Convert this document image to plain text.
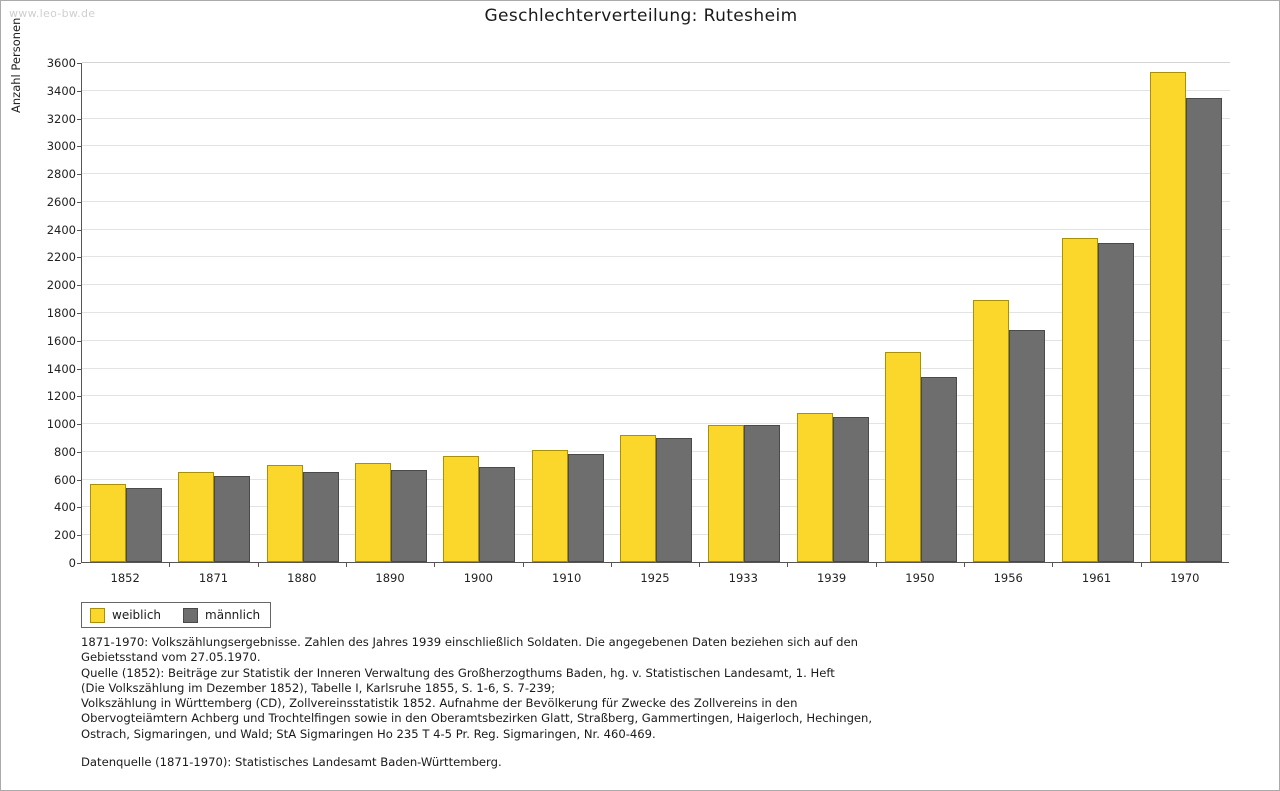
www.leo-bw.de	Geschlechterverteilung: Rutesheim
Anzahl Personen
0
200
400
600
800
1000
1200
1400
1600
1800
2000
2200
2400
2600
2800
3000
3200
3400
3600
1852	1871	1880	1890	1900	1910	1925	1933	1939	1950	1956	1961	1970
weiblich	männlich
1871-1970: Volkszählungsergebnisse. Zahlen des Jahres 1939 einschließlich Soldaten. Die angegebenen Daten beziehen sich auf den
Gebietsstand vom 27.05.1970.
Quelle (1852): Beiträge zur Statistik der Inneren Verwaltung des Großherzogthums Baden, hg. v. Statistischen Landesamt, 1. Heft
(Die Volkszählung im Dezember 1852), Tabelle I, Karlsruhe 1855, S. 1-6, S. 7-239;
Volkszählung in Württemberg (CD), Zollvereinsstatistik 1852. Aufnahme der Bevölkerung für Zwecke des Zollvereins in den
Obervogteiämtern Achberg und Trochtelfingen sowie in den Oberamtsbezirken Glatt, Straßberg, Gammertingen, Haigerloch, Hechingen,
Ostrach, Sigmaringen, und Wald; StA Sigmaringen Ho 235 T 4-5 Pr. Reg. Sigmaringen, Nr. 460-469.
Datenquelle (1871-1970): Statistisches Landesamt Baden-Württemberg.
